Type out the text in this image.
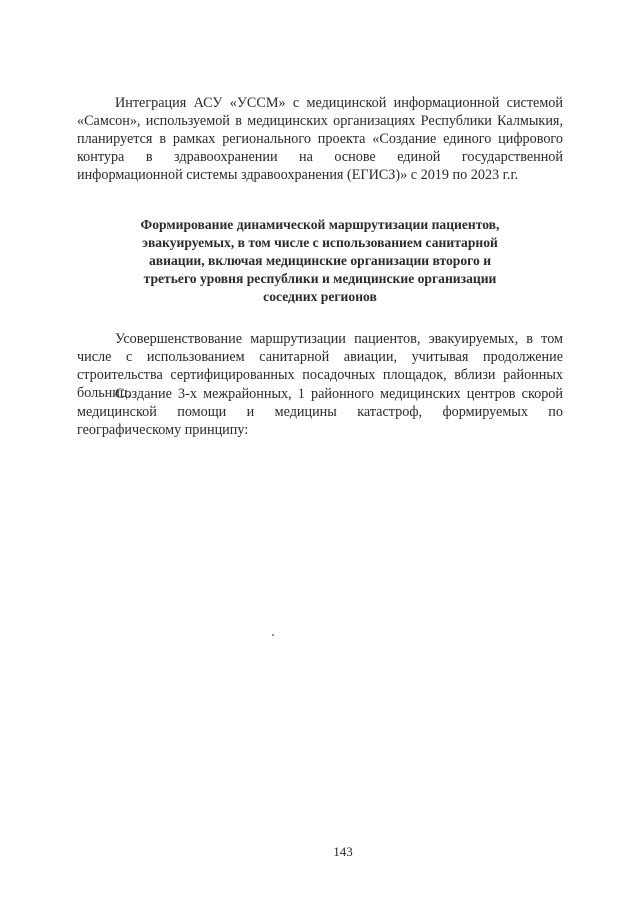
Интеграция АСУ «УССМ» с медицинской информационной системой «Самсон», используемой в медицинских организациях Республики Калмыкия, планируется в рамках регионального проекта «Создание единого цифрового контура в здравоохранении на основе единой государственной информационной системы здравоохранения (ЕГИСЗ)» с 2019 по 2023 г.г.

Формирование динамической маршрутизации пациентов,
эвакуируемых, в том числе с использованием санитарной
авиации, включая медицинские организации второго и
третьего уровня республики и медицинские организации
соседних регионов

Усовершенствование маршрутизации пациентов, эвакуируемых, в том числе с использованием санитарной авиации, учитывая продолжение строительства сертифицированных посадочных площадок, вблизи районных больниц.

Создание 3-х межрайонных, 1 районного медицинских центров скорой медицинской помощи и медицины катастроф, формируемых по географическому принципу:

143
